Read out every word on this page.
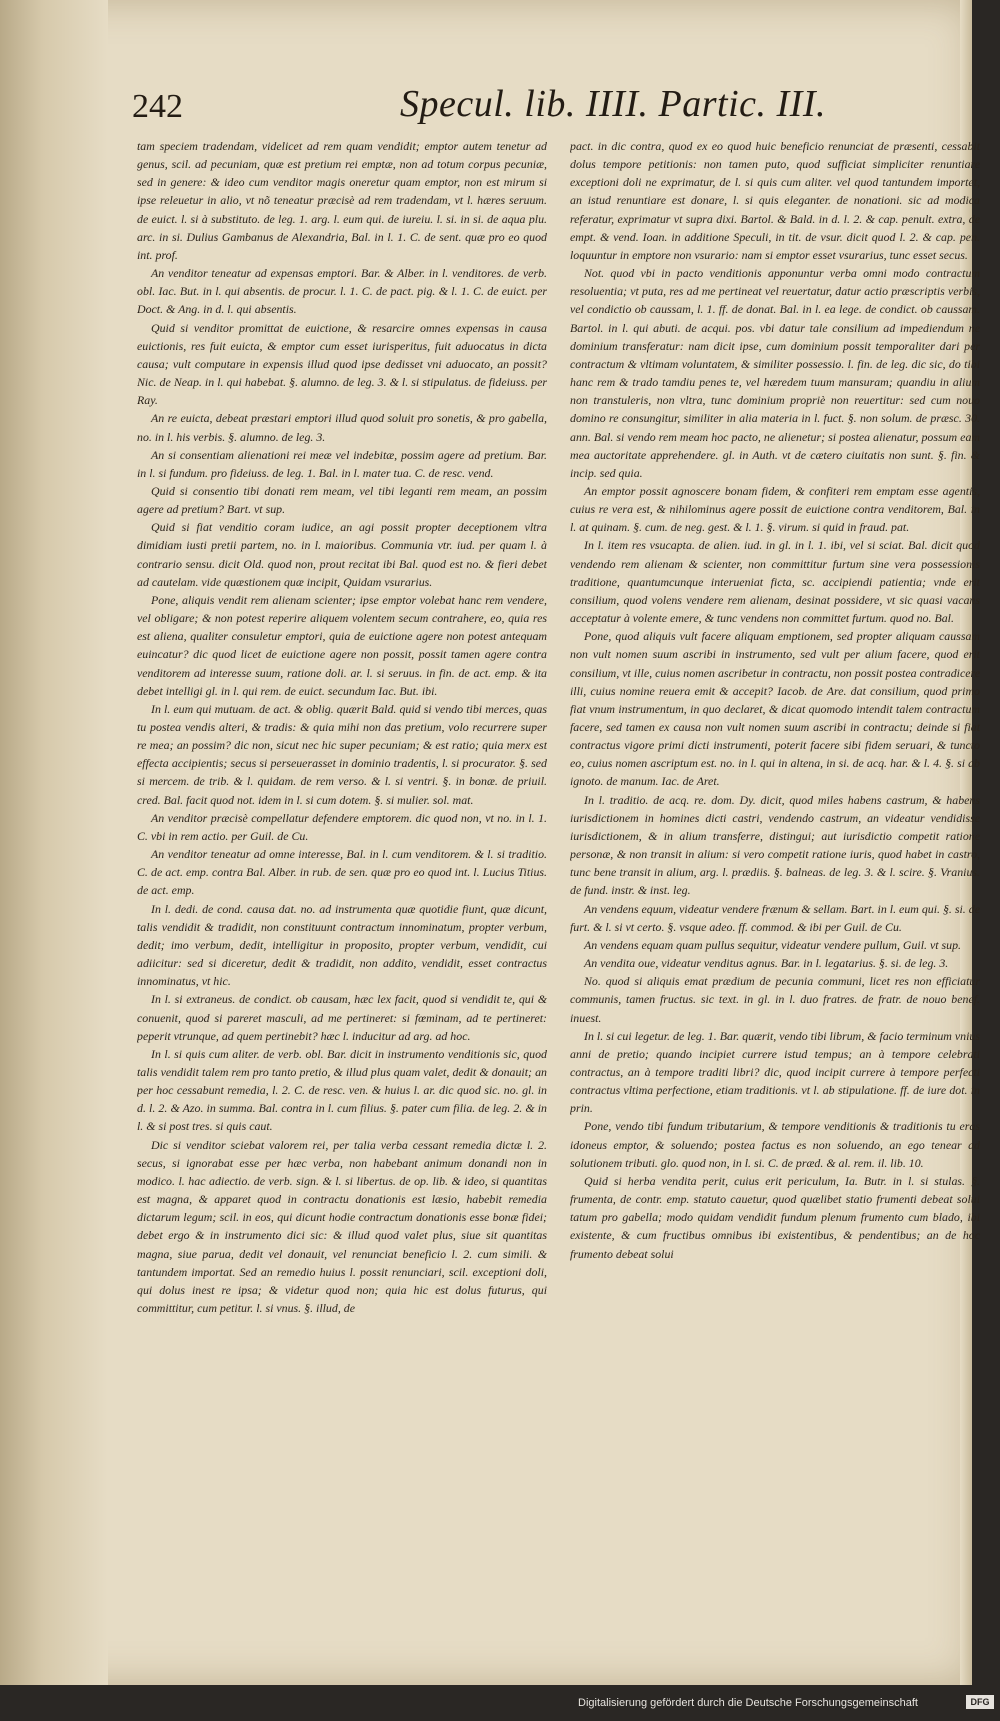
242	Specul. lib. IIII. Partic. III.

tam speciem tradendam, videlicet ad rem quam vendidit; emptor autem tenetur ad genus, scil. ad pecuniam, quæ est pretium rei emptæ, non ad totum corpus pecuniæ, sed in genere: & ideo cum venditor magis oneretur quam emptor, non est mirum si ipse releuetur in alio, vt nõ teneatur præcisè ad rem tradendam, vt l. hæres seruum. de euict. l. si à substituto. de leg. 1. arg. l. eum qui. de iureiu. l. si. in si. de aqua plu. arc. in si. Dulius Gambanus de Alexandria, Bal. in l. 1. C. de sent. quæ pro eo quod int. prof.

An venditor teneatur ad expensas emptori. Bar. & Alber. in l. venditores. de verb. obl. Iac. But. in l. qui absentis. de procur. l. 1. C. de pact. pig. & l. 1. C. de euict. per Doct. & Ang. in d. l. qui absentis.

Quid si venditor promittat de euictione, & resarcire omnes expensas in causa euictionis, res fuit euicta, & emptor cum esset iurisperitus, fuit aduocatus in dicta causa; vult computare in expensis illud quod ipse dedisset vni aduocato, an possit? Nic. de Neap. in l. qui habebat. §. alumno. de leg. 3. & l. si stipulatus. de fideiuss. per Ray.

An re euicta, debeat præstari emptori illud quod soluit pro sonetis, & pro gabella, no. in l. his verbis. §. alumno. de leg. 3.

An si consentiam alienationi rei meæ vel indebitæ, possim agere ad pretium. Bar. in l. si fundum. pro fideiuss. de leg. 1. Bal. in l. mater tua. C. de resc. vend.

Quid si consentio tibi donati rem meam, vel tibi leganti rem meam, an possim agere ad pretium? Bart. vt sup.

Quid si fiat venditio coram iudice, an agi possit propter deceptionem vltra dimidiam iusti pretii partem, no. in l. maioribus. Communia vtr. iud. per quam l. à contrario sensu. dicit Old. quod non, prout recitat ibi Bal. quod est no. & fieri debet ad cautelam. vide quæstionem quæ incipit, Quidam vsurarius.

Pone, aliquis vendit rem alienam scienter; ipse emptor volebat hanc rem vendere, vel obligare; & non potest reperire aliquem volentem secum contrahere, eo, quia res est aliena, qualiter consuletur emptori, quia de euictione agere non potest antequam euincatur? dic quod licet de euictione agere non possit, possit tamen agere contra venditorem ad interesse suum, ratione doli. ar. l. si seruus. in fin. de act. emp. & ita debet intelligi gl. in l. qui rem. de euict. secundum Iac. But. ibi.

In l. eum qui mutuam. de act. & oblig. quærit Bald. quid si vendo tibi merces, quas tu postea vendis alteri, & tradis: & quia mihi non das pretium, volo recurrere super re mea; an possim? dic non, sicut nec hic super pecuniam; & est ratio; quia merx est effecta accipientis; secus si perseuerasset in dominio tradentis, l. si procurator. §. sed si mercem. de trib. & l. quidam. de rem verso. & l. si ventri. §. in bonæ. de priuil. cred. Bal. facit quod not. idem in l. si cum dotem. §. si mulier. sol. mat.

An venditor præcisè compellatur defendere emptorem. dic quod non, vt no. in l. 1. C. vbi in rem actio. per Guil. de Cu.

An venditor teneatur ad omne interesse, Bal. in l. cum venditorem. & l. si traditio. C. de act. emp. contra Bal. Alber. in rub. de sen. quæ pro eo quod int. l. Lucius Titius. de act. emp.

In l. dedi. de cond. causa dat. no. ad instrumenta quæ quotidie fiunt, quæ dicunt, talis vendidit & tradidit, non constituunt contractum innominatum, propter verbum, dedit; imo verbum, dedit, intelligitur in proposito, propter verbum, vendidit, cui adiicitur: sed si diceretur, dedit & tradidit, non addito, vendidit, esset contractus innominatus, vt hic.

In l. si extraneus. de condict. ob causam, hæc lex facit, quod si vendidit te, qui & conuenit, quod si pareret masculi, ad me pertineret: si fœminam, ad te pertineret: peperit vtrunque, ad quem pertinebit? hæc l. inducitur ad arg. ad hoc.

In l. si quis cum aliter. de verb. obl. Bar. dicit in instrumento venditionis sic, quod talis vendidit talem rem pro tanto pretio, & illud plus quam valet, dedit & donauit; an per hoc cessabunt remedia, l. 2. C. de resc. ven. & huius l. ar. dic quod sic. no. gl. in d. l. 2. & Azo. in summa. Bal. contra in l. cum filius. §. pater cum filia. de leg. 2. & in l. & si post tres. si quis caut.

Dic si venditor sciebat valorem rei, per talia verba cessant remedia dictæ l. 2. secus, si ignorabat esse per hæc verba, non habebant animum donandi non in modico. l. hac adiectio. de verb. sign. & l. si libertus. de op. lib. & ideo, si quantitas est magna, & apparet quod in contractu donationis est læsio, habebit remedia dictarum legum; scil. in eos, qui dicunt hodie contractum donationis esse bonæ fidei; debet ergo & in instrumento dici sic: & illud quod valet plus, siue sit quantitas magna, siue parua, dedit vel donauit, vel renunciat beneficio l. 2. cum simili. & tantundem importat. Sed an remedio huius l. possit renunciari, scil. exceptioni doli, qui dolus inest re ipsa; & videtur quod non; quia hic est dolus futurus, qui committitur, cum petitur. l. si vnus. §. illud, de

pact. in dic contra, quod ex eo quod huic beneficio renunciat de præsenti, cessabit dolus tempore petitionis: non tamen puto, quod sufficiat simpliciter renuntiare exceptioni doli ne exprimatur, de l. si quis cum aliter. vel quod tantundem importet, an istud renuntiare est donare, l. si quis eleganter. de nonationi. sic ad modica referatur, exprimatur vt supra dixi. Bartol. & Bald. in d. l. 2. & cap. penult. extra, de empt. & vend. Ioan. in additione Speculi, in tit. de vsur. dicit quod l. 2. & cap. pen. loquuntur in emptore non vsurario: nam si emptor esset vsurarius, tunc esset secus.

Not. quod vbi in pacto venditionis apponuntur verba omni modo contractum resoluentia; vt puta, res ad me pertineat vel reuertatur, datur actio præscriptis verbis, vel condictio ob caussam, l. 1. ff. de donat. Bal. in l. ea lege. de condict. ob caussam. Bartol. in l. qui abuti. de acqui. pos. vbi datur tale consilium ad impediendum ne dominium transferatur: nam dicit ipse, cum dominium possit temporaliter dari per contractum & vltimam voluntatem, & similiter possessio. l. fin. de leg. dic sic, do tibi hanc rem & trado tamdiu penes te, vel hæredem tuum mansuram; quandiu in alium non transtuleris, non vltra, tunc dominium propriè non reuertitur: sed cum nouo domino re consungitur, similiter in alia materia in l. fuct. §. non solum. de præsc. 30. ann. Bal. si vendo rem meam hoc pacto, ne alienetur; si postea alienatur, possum eam mea auctoritate apprehendere. gl. in Auth. vt de cætero ciuitatis non sunt. §. fin. & incip. sed quia.

An emptor possit agnoscere bonam fidem, & confiteri rem emptam esse agentis, cuius re vera est, & nihilominus agere possit de euictione contra venditorem, Bal. in l. at quinam. §. cum. de neg. gest. & l. 1. §. virum. si quid in fraud. pat.

In l. item res vsucapta. de alien. iud. in gl. in l. 1. ibi, vel si sciat. Bal. dicit quod vendendo rem alienam & scienter, non committitur furtum sine vera possessionis traditione, quantumcunque interueniat ficta, sc. accipiendi patientia; vnde erit consilium, quod volens vendere rem alienam, desinat possidere, vt sic quasi vacans acceptatur à volente emere, & tunc vendens non committet furtum. quod no. Bal.

Pone, quod aliquis vult facere aliquam emptionem, sed propter aliquam caussam non vult nomen suum ascribi in instrumento, sed vult per alium facere, quod erit consilium, vt ille, cuius nomen ascribetur in contractu, non possit postea contradicere illi, cuius nomine reuera emit & accepit? Iacob. de Are. dat consilium, quod primo fiat vnum instrumentum, in quo declaret, & dicat quomodo intendit talem contractum facere, sed tamen ex causa non vult nomen suum ascribi in contractu; deinde si fiat contractus vigore primi dicti instrumenti, poterit facere sibi fidem seruari, & tuncto eo, cuius nomen ascriptum est. no. in l. qui in altena, in si. de acq. har. & l. 4. §. si ab ignoto. de manum. Iac. de Aret.

In l. traditio. de acq. re. dom. Dy. dicit, quod miles habens castrum, & habens iurisdictionem in homines dicti castri, vendendo castrum, an videatur vendidisse iurisdictionem, & in alium transferre, distingui; aut iurisdictio competit ratione personæ, & non transit in alium: si vero competit ratione iuris, quod habet in castro, tunc bene transit in alium, arg. l. prædiis. §. balneas. de leg. 3. & l. scire. §. Vranius. de fund. instr. & inst. leg.

An vendens equum, videatur vendere frænum & sellam. Bart. in l. eum qui. §. si. de furt. & l. si vt certo. §. vsque adeo. ff. commod. & ibi per Guil. de Cu.

An vendens equam quam pullus sequitur, videatur vendere pullum, Guil. vt sup.

An vendita oue, videatur venditus agnus. Bar. in l. legatarius. §. si. de leg. 3.

No. quod si aliquis emat prædium de pecunia communi, licet res non efficiatur communis, tamen fructus. sic text. in gl. in l. duo fratres. de fratr. de nouo benef. inuest.

In l. si cui legetur. de leg. 1. Bar. quærit, vendo tibi librum, & facio terminum vnius anni de pretio; quando incipiet currere istud tempus; an à tempore celebrati contractus, an à tempore traditi libri? dic, quod incipit currere à tempore perfecti contractus vltima perfectione, etiam traditionis. vt l. ab stipulatione. ff. de iure dot. in prin.

Pone, vendo tibi fundum tributarium, & tempore venditionis & traditionis tu eras idoneus emptor, & soluendo; postea factus es non soluendo, an ego tenear ad solutionem tributi. glo. quod non, in l. si. C. de præd. & al. rem. il. lib. 10.

Quid si herba vendita perit, cuius erit periculum, Ia. Butr. in l. si stulas. §. frumenta, de contr. emp. statuto cauetur, quod quælibet statio frumenti debeat solui tatum pro gabella; modo quidam vendidit fundum plenum frumento cum blado, ibi existente, & cum fructibus omnibus ibi existentibus, & pendentibus; an de hoc frumento debeat solui

Digitalisierung gefördert durch die Deutsche Forschungsgemeinschaft	DFG
